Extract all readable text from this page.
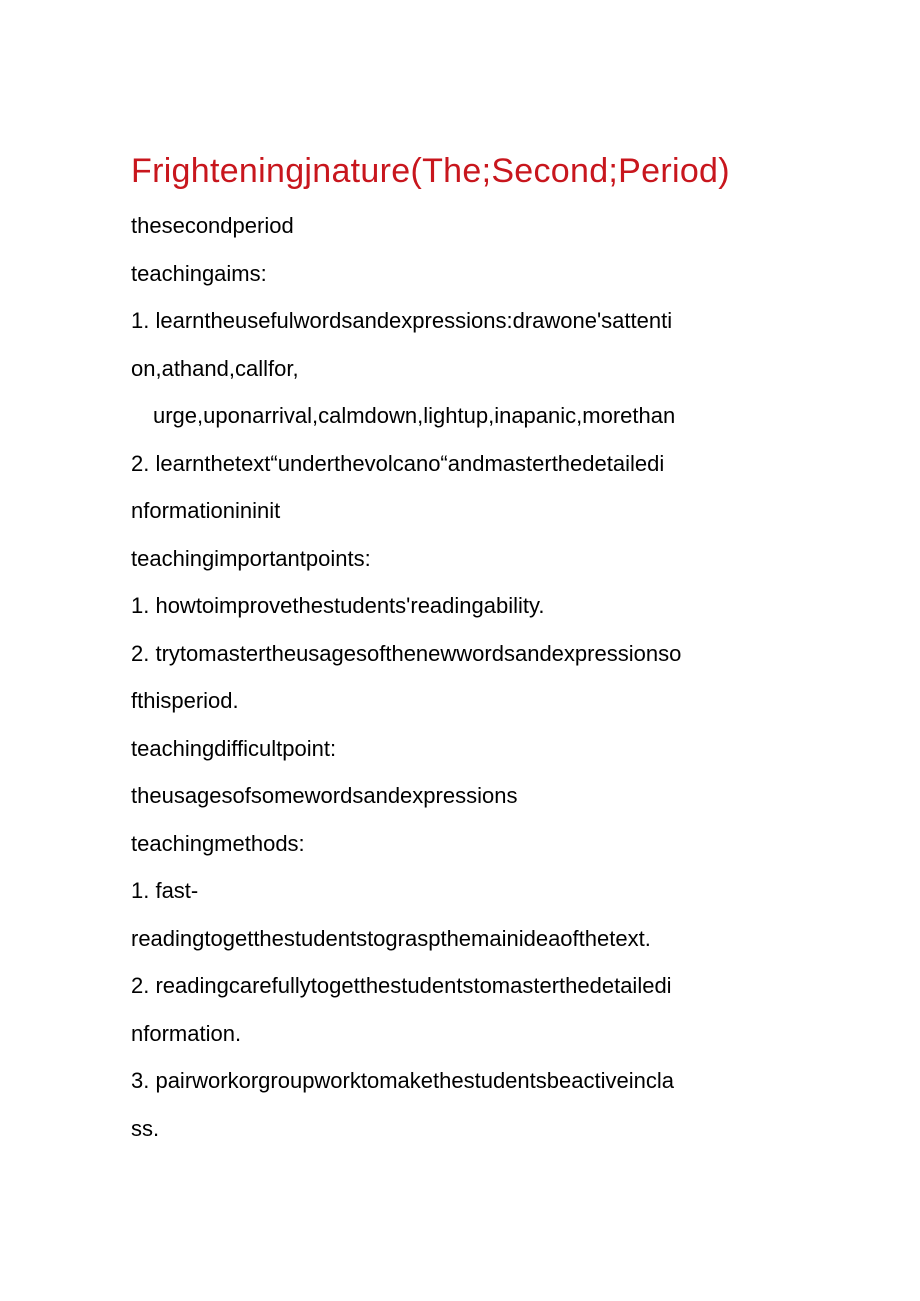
Frighteningjnature(The;Second;Period)
thesecondperiod
teachingaims:
1. learntheusefulwordsandexpressions:drawone'sattenti
on,athand,callfor,
urge,uponarrival,calmdown,lightup,inapanic,morethan
2. learnthetext“underthevolcano“andmasterthedetailedi
nformationininit
teachingimportantpoints:
1. howtoimprovethestudents'readingability.
2. trytomastertheusagesofthenewwordsandexpressionso
fthisperiod.
teachingdifficultpoint:
theusagesofsomewordsandexpressions
teachingmethods:
1. fast-
readingtogetthestudentstograspthemainideaofthetext.
2. readingcarefullytogetthestudentstomasterthedetailedi
nformation.
3. pairworkorgroupworktomakethestudentsbeactiveincla
ss.
